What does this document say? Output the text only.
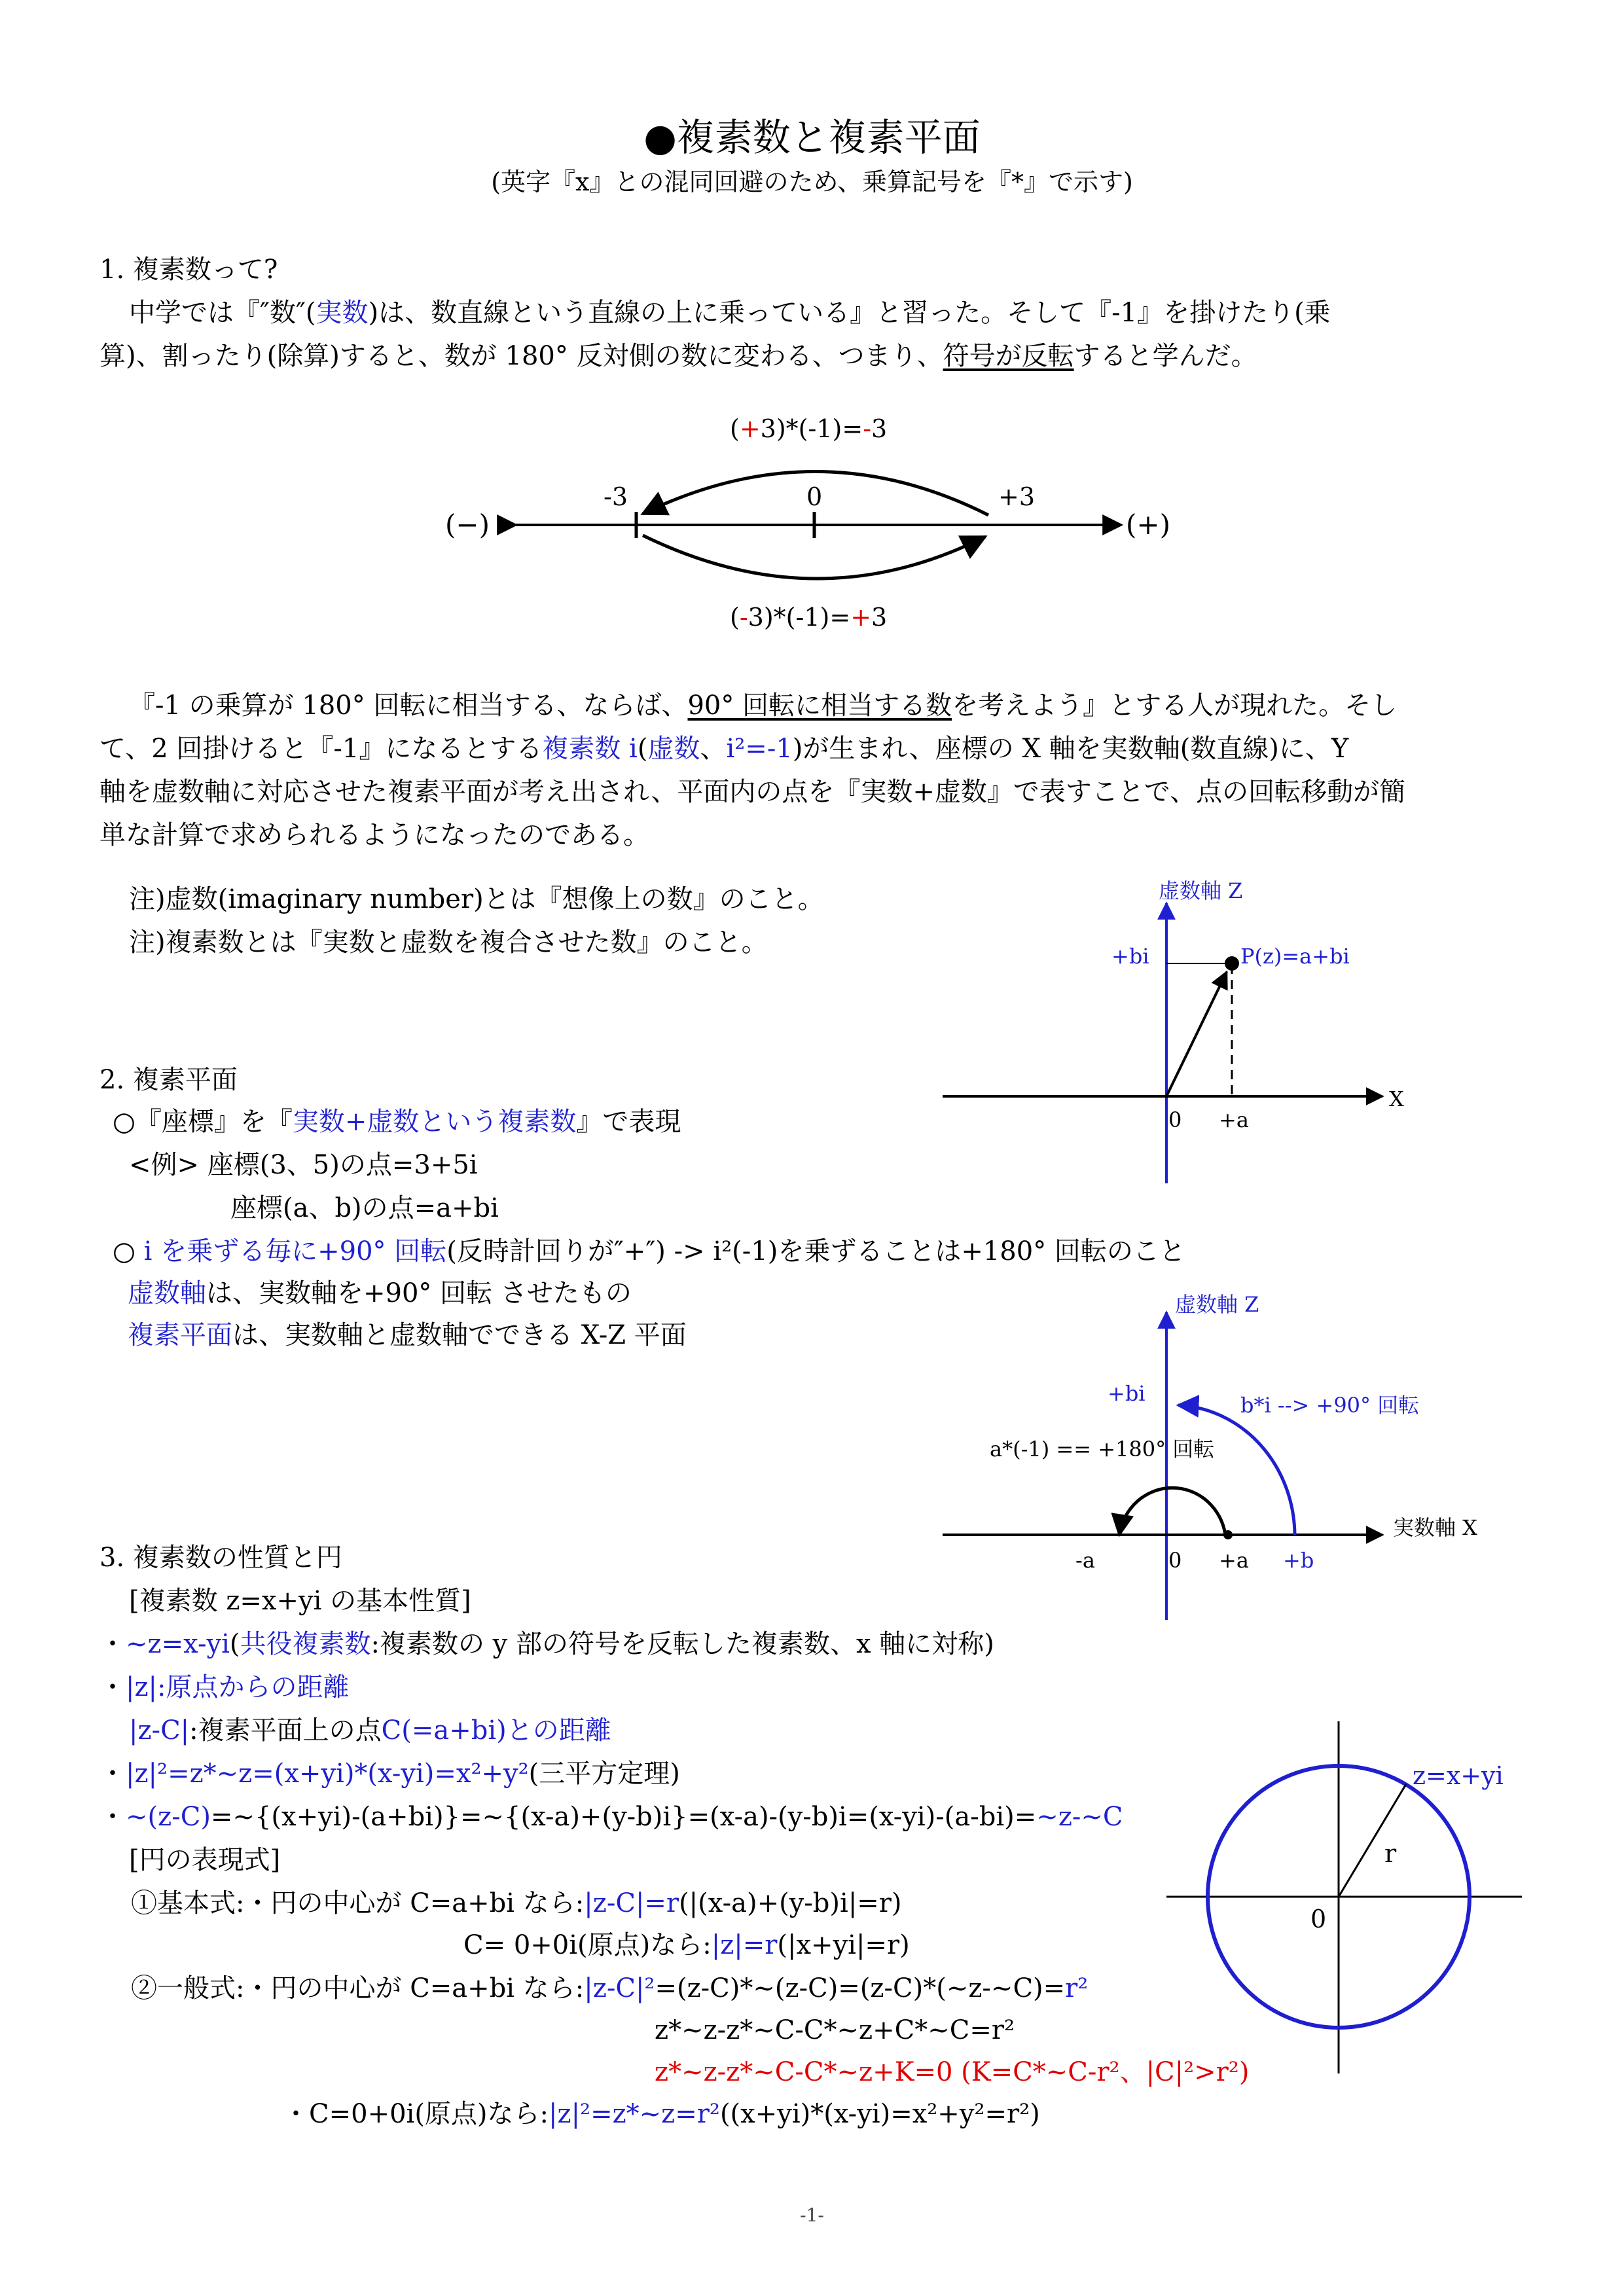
●複素数と複素平面
(英字『x』との混同回避のため、乗算記号を『*』で示す)
1. 複素数って?
中学では『″数″(実数)は、数直線という直線の上に乗っている』と習った。そして『-1』を掛けたり(乗
算)、割ったり(除算)すると、数が 180° 反対側の数に変わる、つまり、符号が反転すると学んだ。
-3	0	+3
(−)	(+)
(+3)*(-1)=-3
(-3)*(-1)=+3
『-1 の乗算が 180° 回転に相当する、ならば、90° 回転に相当する数を考えよう』とする人が現れた。そし
て、2 回掛けると『-1』になるとする複素数 i(虚数、i²=-1)が生まれ、座標の X 軸を実数軸(数直線)に、Y
軸を虚数軸に対応させた複素平面が考え出され、平面内の点を『実数+虚数』で表すことで、点の回転移動が簡
単な計算で求められるようになったのである。
注)虚数(imaginary number)とは『想像上の数』のこと。
注)複素数とは『実数と虚数を複合させた数』のこと。
虚数軸 Z
+bi	P(z)=a+bi
X
0 +a
2. 複素平面
○『座標』を『実数+虚数という複素数』で表現
<例> 座標(3、5)の点=3+5i
座標(a、b)の点=a+bi
○ i を乗ずる毎に+90° 回転(反時計回りが″+″) -> i²(-1)を乗ずることは+180° 回転のこと
虚数軸は、実数軸を+90° 回転 させたもの
複素平面は、実数軸と虚数軸でできる X-Z 平面
虚数軸 Z
+bi	b*i --> +90° 回転
a*(-1) == +180° 回転
実数軸 X
-a	0 +a +b
3. 複素数の性質と円
[複素数 z=x+yi の基本性質]
・~z=x-yi(共役複素数:複素数の y 部の符号を反転した複素数、x 軸に対称)
・|z|:原点からの距離
|z-C|:複素平面上の点C(=a+bi)との距離
・|z|²=z*~z=(x+yi)*(x-yi)=x²+y²(三平方定理)
・~(z-C)=~{(x+yi)-(a+bi)}=~{(x-a)+(y-b)i}=(x-a)-(y-b)i=(x-yi)-(a-bi)=~z-~C
[円の表現式]
①基本式:・円の中心が C=a+bi なら:|z-C|=r(|(x-a)+(y-b)i|=r)
C= 0+0i(原点)なら:|z|=r(|x+yi|=r)
②一般式:・円の中心が C=a+bi なら:|z-C|²=(z-C)*~(z-C)=(z-C)*(~z-~C)=r²
z*~z-z*~C-C*~z+C*~C=r²
z*~z-z*~C-C*~z+K=0 (K=C*~C-r²、|C|²>r²)
・C=0+0i(原点)なら:|z|²=z*~z=r²((x+yi)*(x-yi)=x²+y²=r²)
z=x+yi
r
0
-1-
